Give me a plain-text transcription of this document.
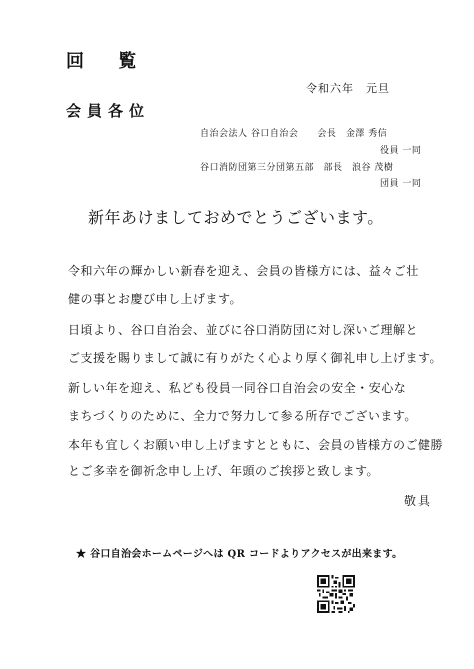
回 覧
令和六年　元旦
会員各位
自治会法人 谷口自治会　　会長　金澤 秀信
役員 一同
谷口消防団第三分団第五部　部長　浪谷 茂樹
団員 一同
新年あけましておめでとうございます。
令和六年の輝かしい新春を迎え、会員の皆様方には、益々ご壮
健の事とお慶び申し上げます。
日頃より、谷口自治会、並びに谷口消防団に対し深いご理解と
ご支援を賜りまして誠に有りがたく心より厚く御礼申し上げます。
新しい年を迎え、私ども役員一同谷口自治会の安全・安心な
まちづくりのために、全力で努力して参る所存でございます。
本年も宜しくお願い申し上げますとともに、会員の皆様方のご健勝
とご多幸を御祈念申し上げ、年頭のご挨拶と致します。
敬具
★ 谷口自治会ホームページへは QR コードよりアクセスが出来ます。
